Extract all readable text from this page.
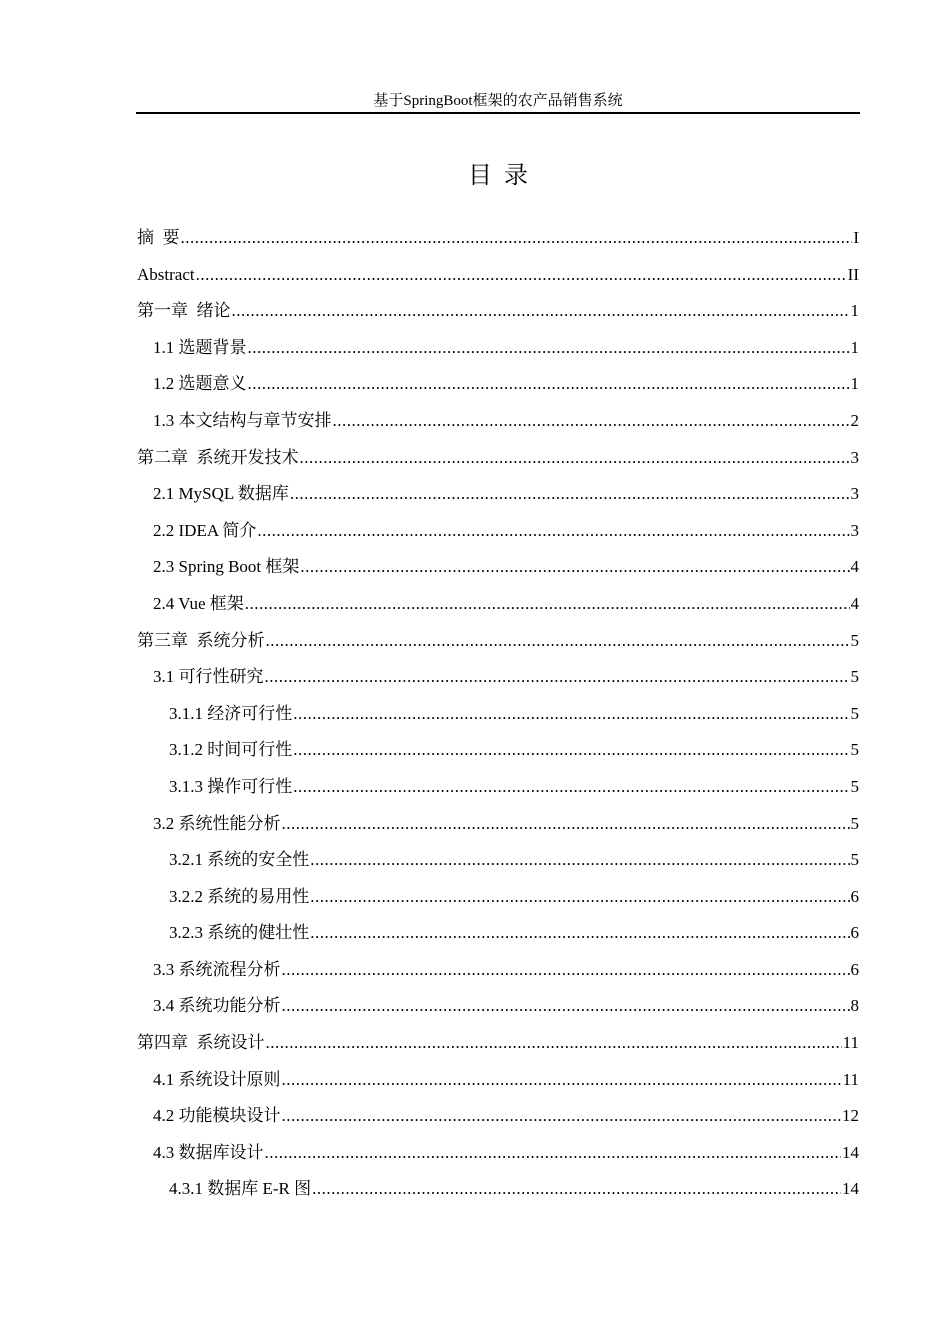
基于SpringBoot框架的农产品销售系统
目录
摘  要 .....	I
Abstract .....	II
第一章  绪论 .....	1
1.1 选题背景 .....	1
1.2 选题意义 .....	1
1.3 本文结构与章节安排 .....	2
第二章  系统开发技术 .....	3
2.1 MySQL 数据库 .....	3
2.2 IDEA 简介 .....	3
2.3 Spring Boot 框架 .....	4
2.4 Vue 框架 .....	4
第三章  系统分析 .....	5
3.1 可行性研究 .....	5
3.1.1 经济可行性 .....	5
3.1.2 时间可行性 .....	5
3.1.3 操作可行性 .....	5
3.2 系统性能分析 .....	5
3.2.1 系统的安全性 .....	5
3.2.2 系统的易用性 .....	6
3.2.3 系统的健壮性 .....	6
3.3 系统流程分析 .....	6
3.4 系统功能分析 .....	8
第四章  系统设计 .....	11
4.1 系统设计原则 .....	11
4.2 功能模块设计 .....	12
4.3 数据库设计 .....	14
4.3.1 数据库 E-R 图 .....	14
